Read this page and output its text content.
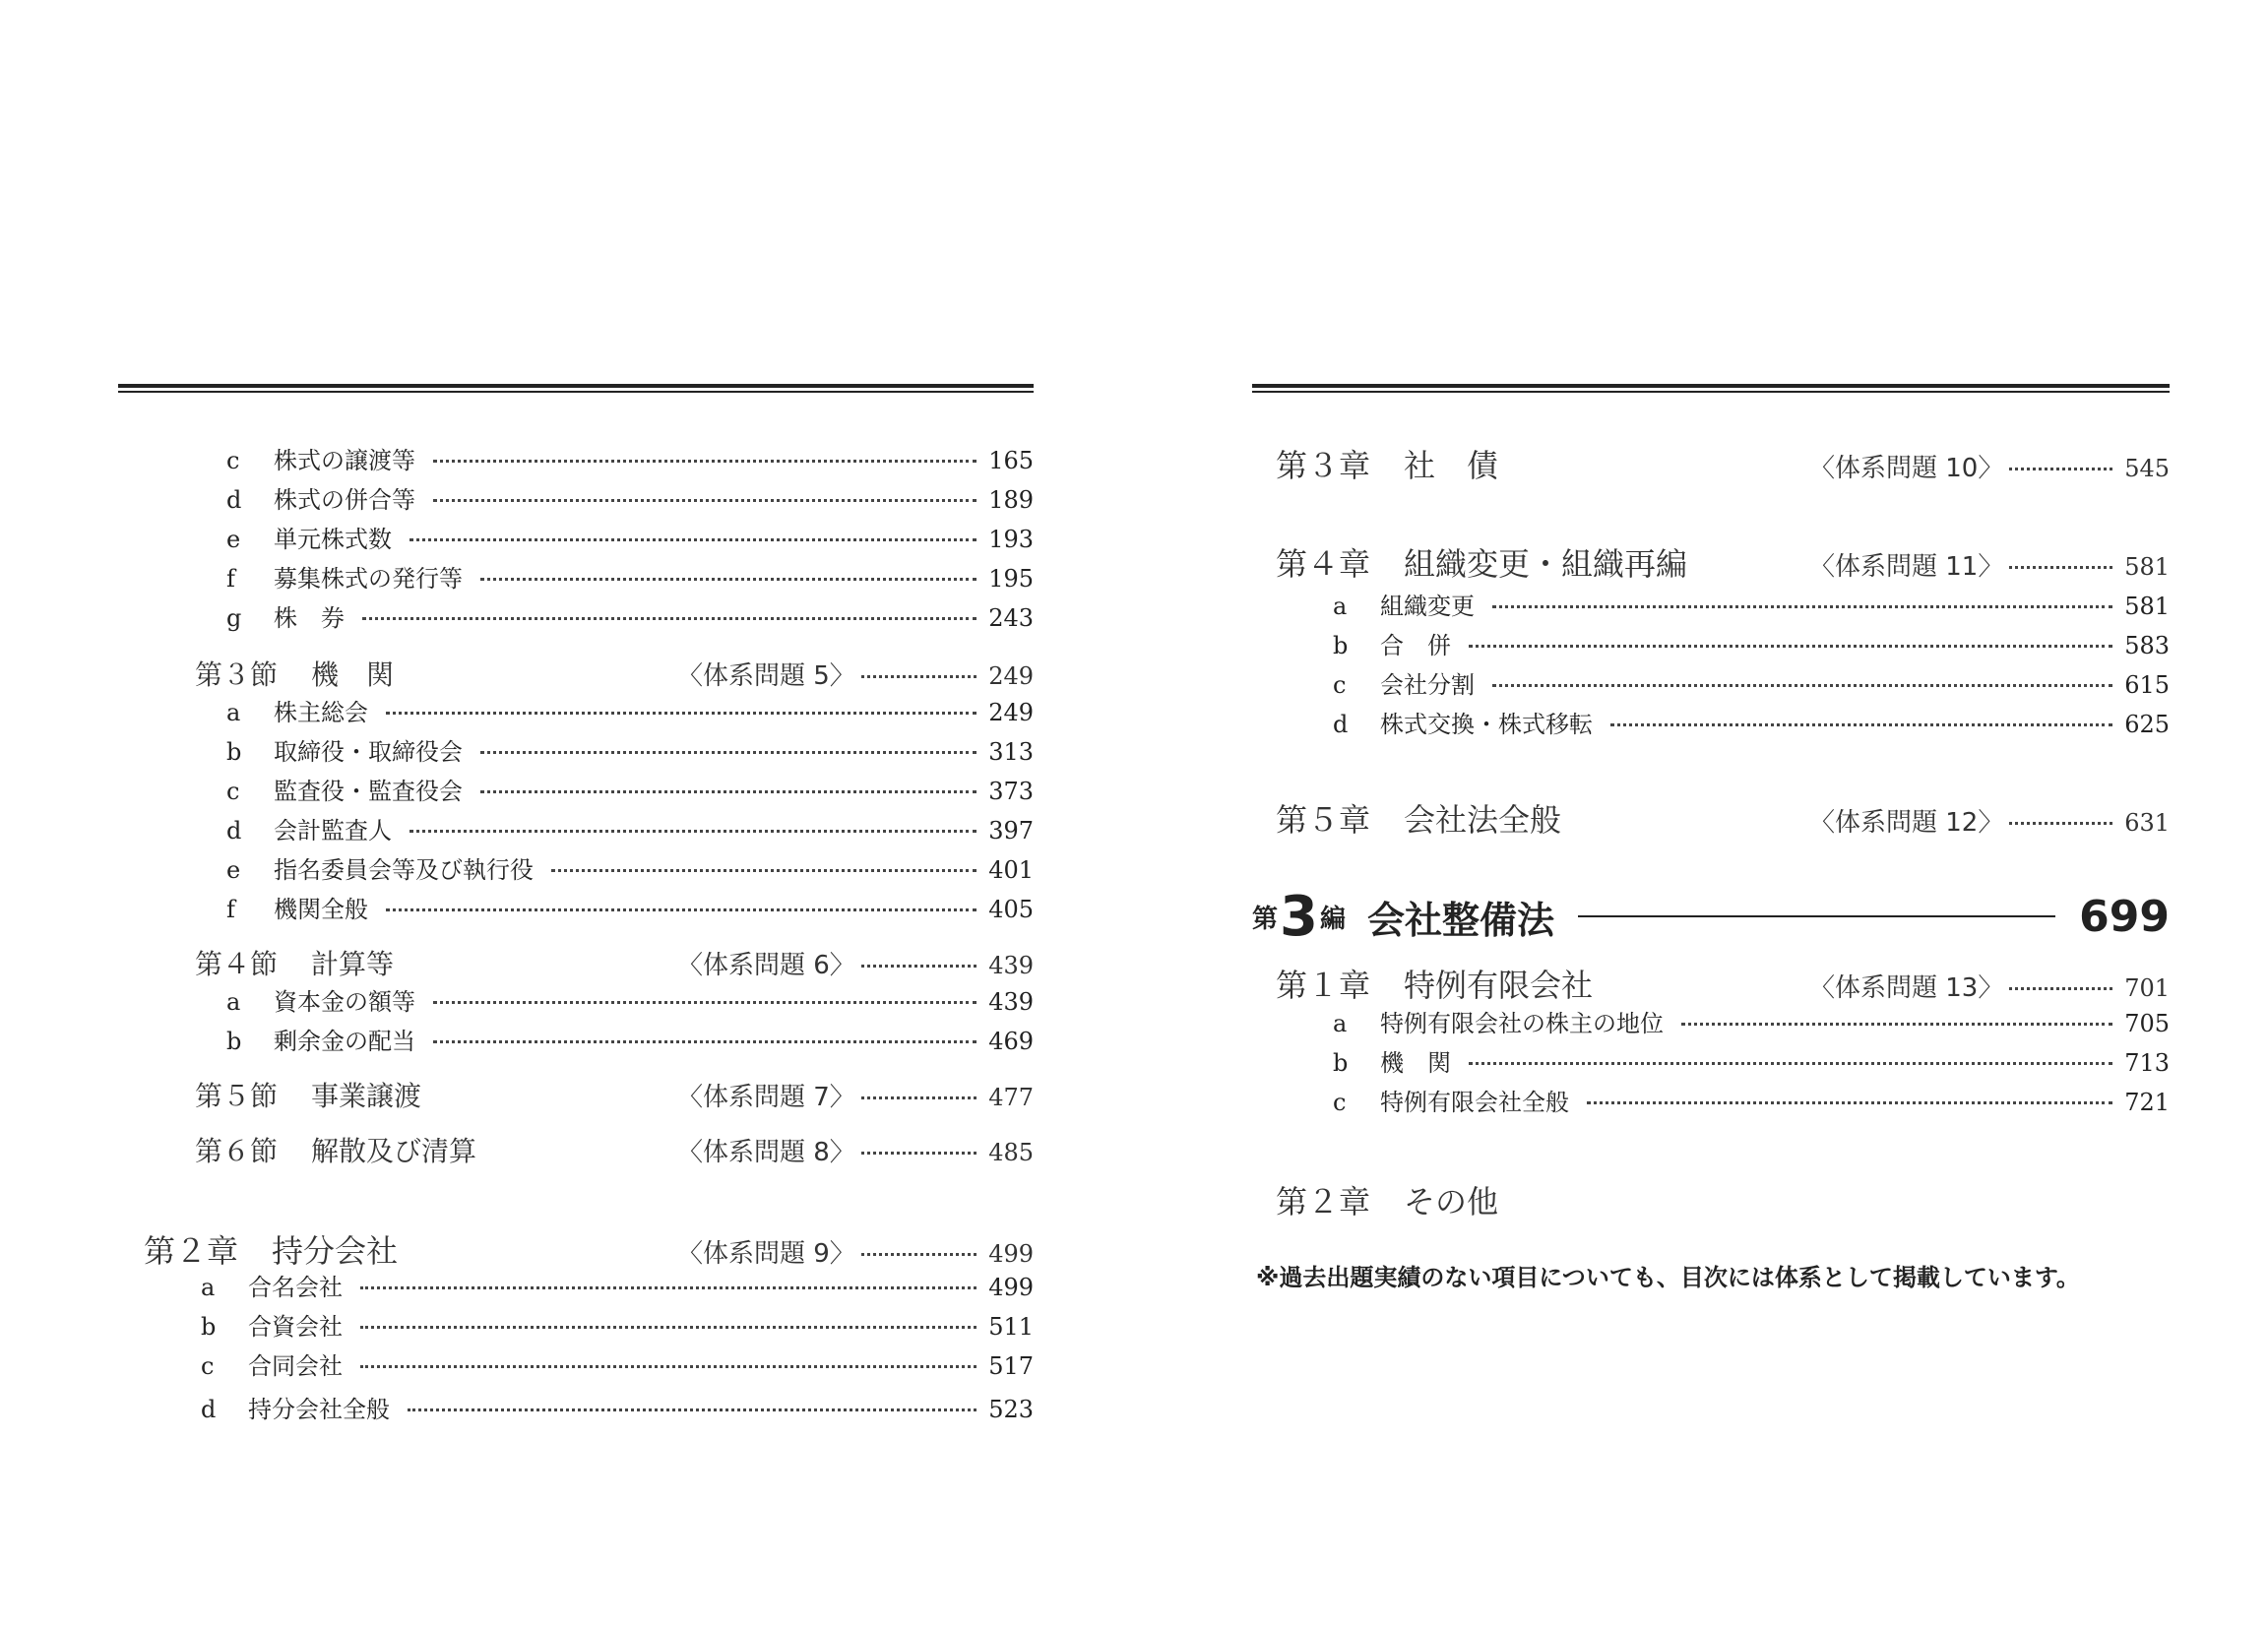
c	株式の譲渡等	165
d	株式の併合等	189
e	単元株式数	193
f	募集株式の発行等	195
g	株　券	243
第３節	機　関	〈体系問題 5〉	249
a	株主総会	249
b	取締役・取締役会	313
c	監査役・監査役会	373
d	会計監査人	397
e	指名委員会等及び執行役	401
f	機関全般	405
第４節	計算等	〈体系問題 6〉	439
a	資本金の額等	439
b	剰余金の配当	469
第５節	事業譲渡	〈体系問題 7〉	477
第６節	解散及び清算	〈体系問題 8〉	485
第２章	持分会社	〈体系問題 9〉	499
a	合名会社	499
b	合資会社	511
c	合同会社	517
d	持分会社全般	523
第３章	社　債	〈体系問題 10〉	545
第４章	組織変更・組織再編	〈体系問題 11〉	581
a	組織変更	581
b	合　併	583
c	会社分割	615
d	株式交換・株式移転	625
第５章	会社法全般	〈体系問題 12〉	631
第 3 編 会社整備法	699
第１章	特例有限会社	〈体系問題 13〉	701
a	特例有限会社の株主の地位	705
b	機　関	713
c	特例有限会社全般	721
第２章	その他
※過去出題実績のない項目についても、目次には体系として掲載しています。
